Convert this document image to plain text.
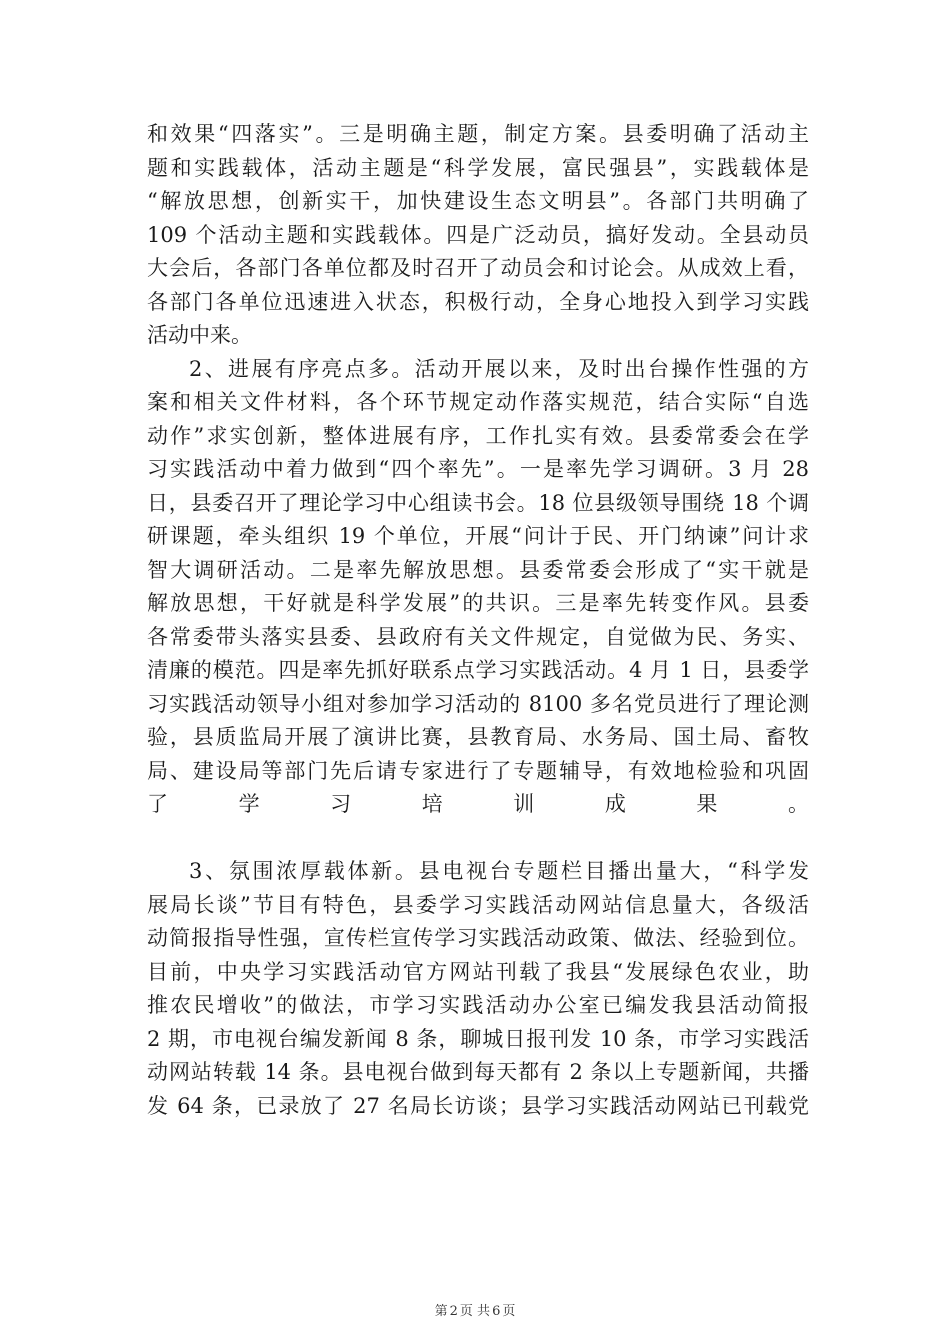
和效果“四落实”。三是明确主题，制定方案。县委明确了活动主
题和实践载体，活动主题是“科学发展，富民强县”，实践载体是
“解放思想，创新实干，加快建设生态文明县”。各部门共明确了
109 个活动主题和实践载体。四是广泛动员，搞好发动。全县动员
大会后，各部门各单位都及时召开了动员会和讨论会。从成效上看，
各部门各单位迅速进入状态，积极行动，全身心地投入到学习实践
活动中来。
2、进展有序亮点多。活动开展以来，及时出台操作性强的方
案和相关文件材料，各个环节规定动作落实规范，结合实际“自选
动作”求实创新，整体进展有序，工作扎实有效。县委常委会在学
习实践活动中着力做到“四个率先”。一是率先学习调研。3 月 28
日，县委召开了理论学习中心组读书会。18 位县级领导围绕 18 个调
研课题，牵头组织 19 个单位，开展“问计于民、开门纳谏”问计求
智大调研活动。二是率先解放思想。县委常委会形成了“实干就是
解放思想，干好就是科学发展”的共识。三是率先转变作风。县委
各常委带头落实县委、县政府有关文件规定，自觉做为民、务实、
清廉的模范。四是率先抓好联系点学习实践活动。4 月 1 日，县委学
习实践活动领导小组对参加学习活动的 8100 多名党员进行了理论测
验，县质监局开展了演讲比赛，县教育局、水务局、国土局、畜牧
局、建设局等部门先后请专家进行了专题辅导，有效地检验和巩固
了学习培训成果。
3、氛围浓厚载体新。县电视台专题栏目播出量大，“科学发
展局长谈”节目有特色，县委学习实践活动网站信息量大，各级活
动简报指导性强，宣传栏宣传学习实践活动政策、做法、经验到位。
目前，中央学习实践活动官方网站刊载了我县“发展绿色农业，助
推农民增收”的做法，市学习实践活动办公室已编发我县活动简报
2 期，市电视台编发新闻 8 条，聊城日报刊发 10 条，市学习实践活
动网站转载 14 条。县电视台做到每天都有 2 条以上专题新闻，共播
发 64 条，已录放了 27 名局长访谈；县学习实践活动网站已刊载党
第 2 页 共 6 页
